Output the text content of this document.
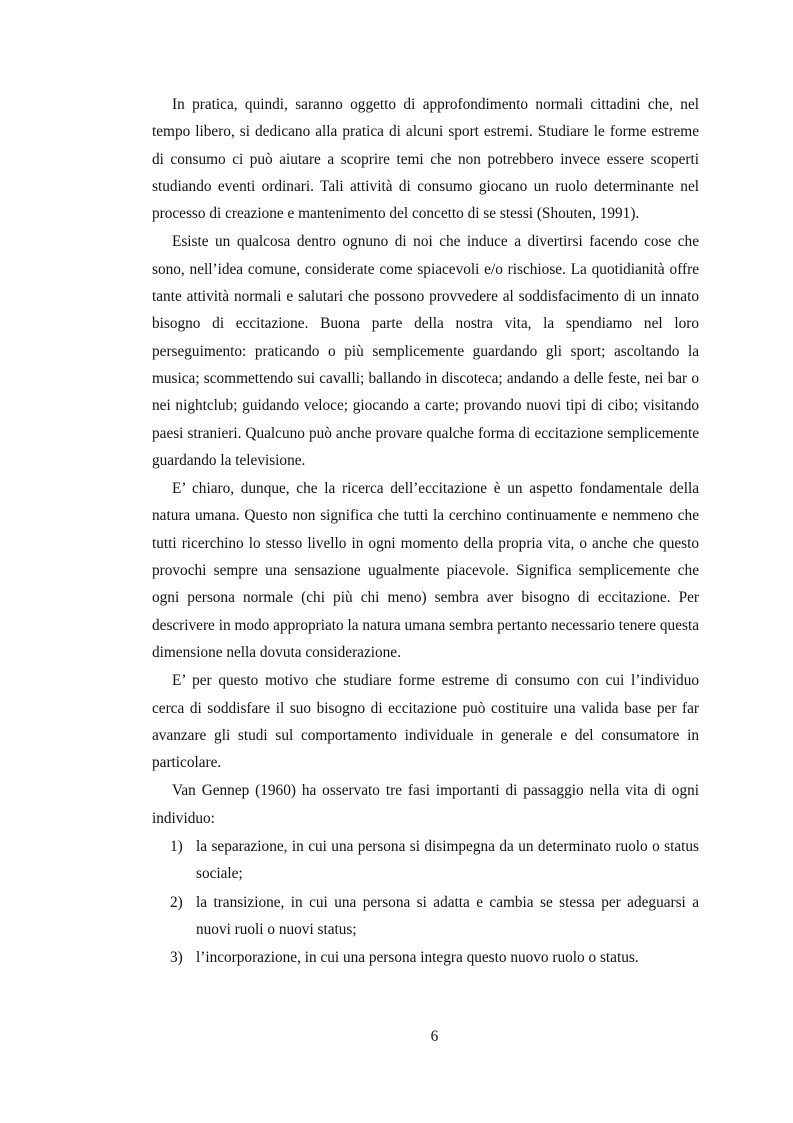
In pratica, quindi, saranno oggetto di approfondimento normali cittadini che, nel tempo libero, si dedicano alla pratica di alcuni sport estremi. Studiare le forme estreme di consumo ci può aiutare a scoprire temi che non potrebbero invece essere scoperti studiando eventi ordinari. Tali attività di consumo giocano un ruolo determinante nel processo di creazione e mantenimento del concetto di se stessi (Shouten, 1991).

Esiste un qualcosa dentro ognuno di noi che induce a divertirsi facendo cose che sono, nell’idea comune, considerate come spiacevoli e/o rischiose. La quotidianità offre tante attività normali e salutari che possono provvedere al soddisfacimento di un innato bisogno di eccitazione. Buona parte della nostra vita, la spendiamo nel loro perseguimento: praticando o più semplicemente guardando gli sport; ascoltando la musica; scommettendo sui cavalli; ballando in discoteca; andando a delle feste, nei bar o nei nightclub; guidando veloce; giocando a carte; provando nuovi tipi di cibo; visitando paesi stranieri. Qualcuno può anche provare qualche forma di eccitazione semplicemente guardando la televisione.

E’ chiaro, dunque, che la ricerca dell’eccitazione è un aspetto fondamentale della natura umana. Questo non significa che tutti la cerchino continuamente e nemmeno che tutti ricerchino lo stesso livello in ogni momento della propria vita, o anche che questo provochi sempre una sensazione ugualmente piacevole. Significa semplicemente che ogni persona normale (chi più chi meno) sembra aver bisogno di eccitazione. Per descrivere in modo appropriato la natura umana sembra pertanto necessario tenere questa dimensione nella dovuta considerazione.

E’ per questo motivo che studiare forme estreme di consumo con cui l’individuo cerca di soddisfare il suo bisogno di eccitazione può costituire una valida base per far avanzare gli studi sul comportamento individuale in generale e del consumatore in particolare.

Van Gennep (1960) ha osservato tre fasi importanti di passaggio nella vita di ogni individuo:

1) la separazione, in cui una persona si disimpegna da un determinato ruolo o status sociale;
2) la transizione, in cui una persona si adatta e cambia se stessa per adeguarsi a nuovi ruoli o nuovi status;
3) l’incorporazione, in cui una persona integra questo nuovo ruolo o status.
6
